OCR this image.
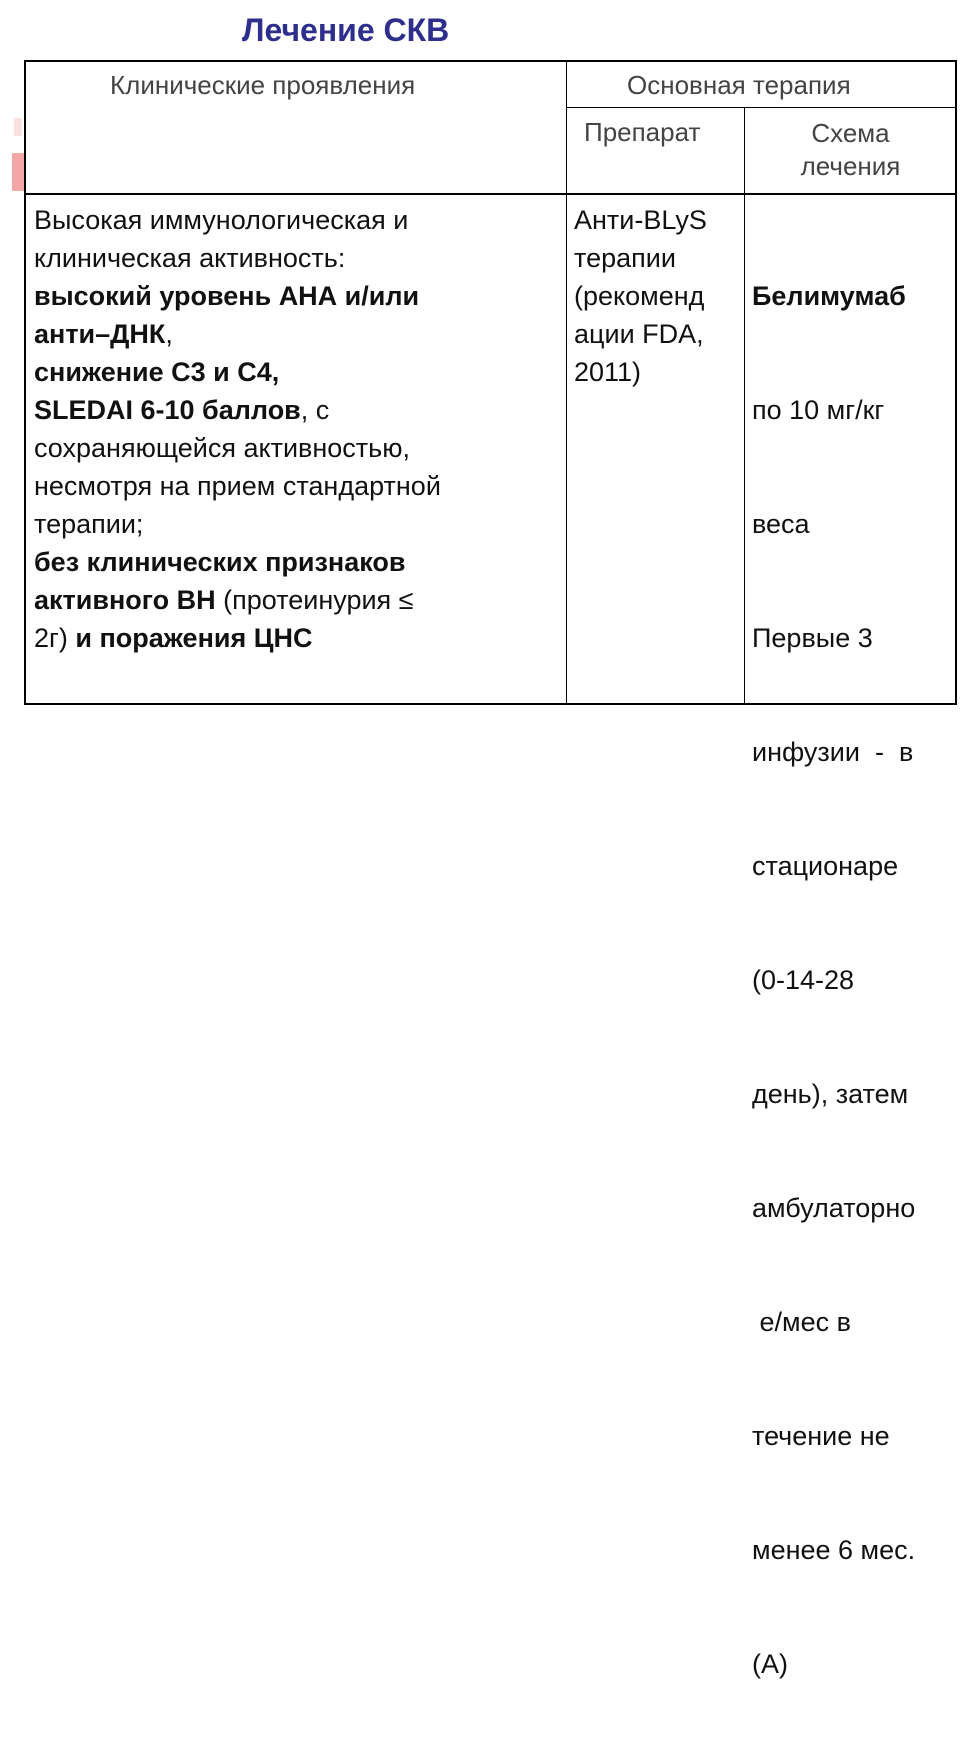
Лечение СКВ
Клинические проявления	Основная терапия
Препарат	Схема
лечения
Высокая иммунологическая и
клиническая активность:
высокий уровень АНА и/или
анти–ДНК,
снижение С3 и С4,
SLEDAI 6-10 баллов, с
сохраняющейся активностью,
несмотря на прием стандартной
терапии;
без клинических признаков
активного ВН (протеинурия ≤
2г) и поражения ЦНС
Анти-BLyS
терапии
(рекоменд
ации FDA,
2011)

Белимумаб

по 10 мг/кг

веса

Первые 3

инфузии  -  в

стационаре

(0-14-28

день), затем

амбулаторно

е/мес в

течение не

менее 6 мес.

(А)
